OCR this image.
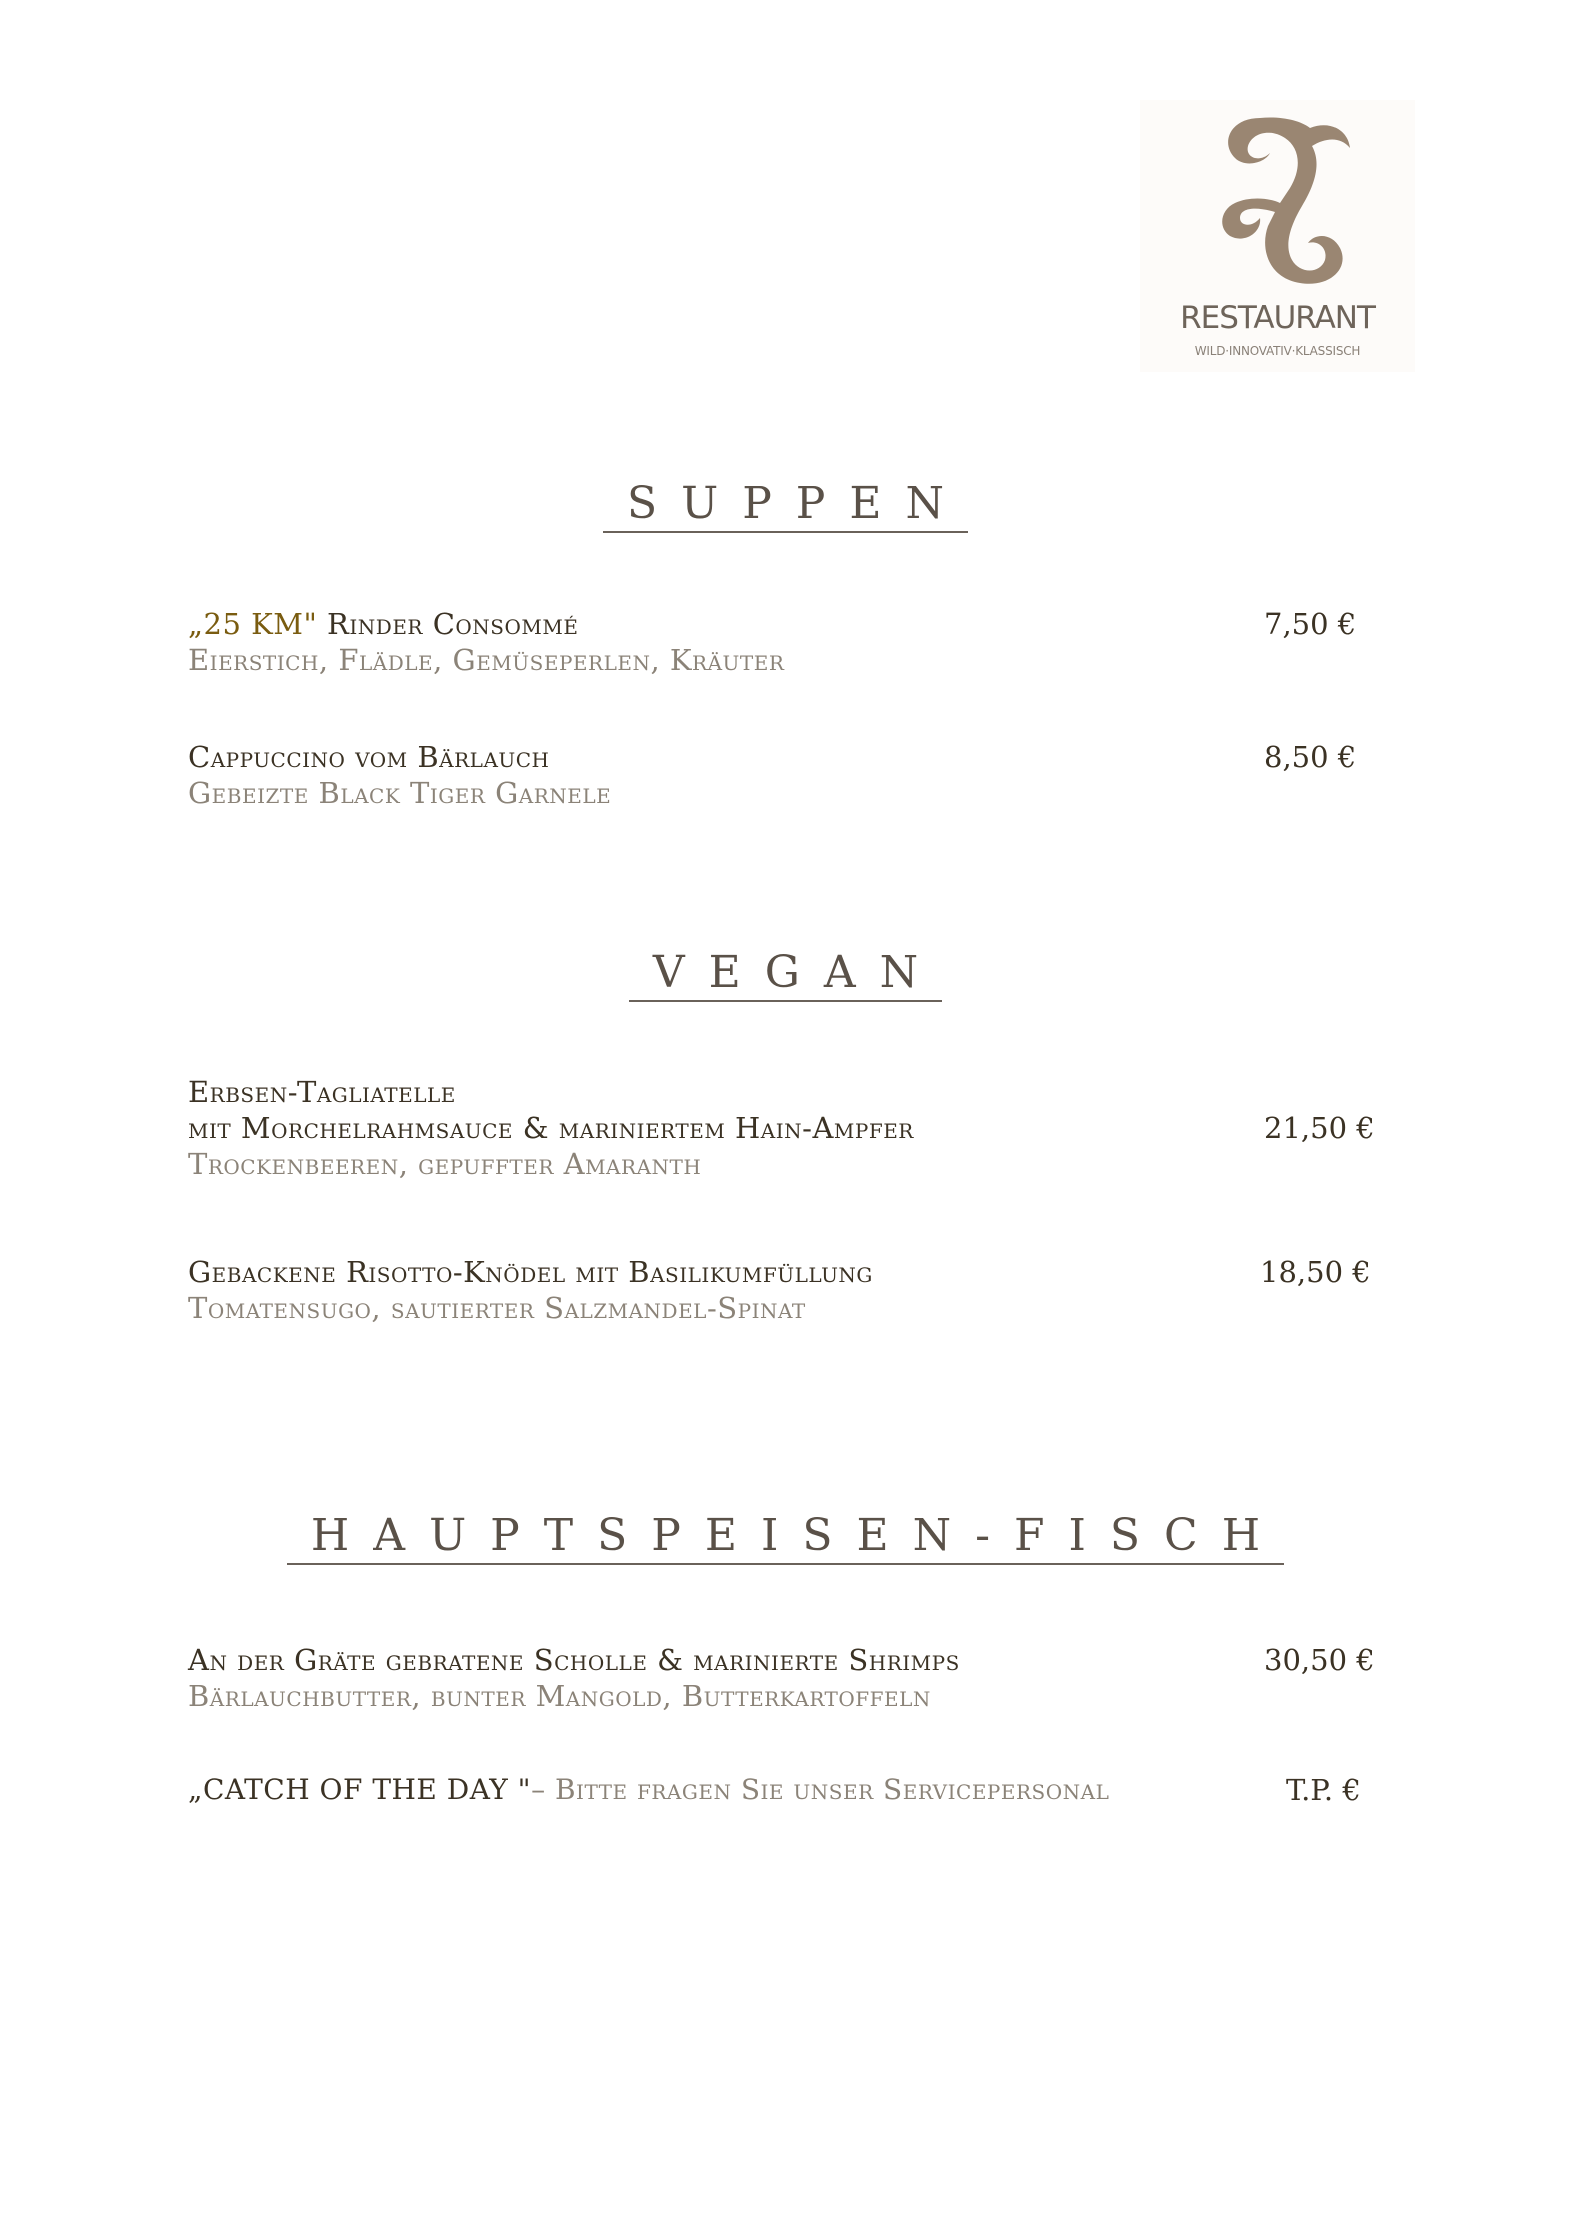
RESTAURANT
WILD·INNOVATIV·KLASSISCH
SUPPEN
„25 KM" Rinder Consommé
Eierstich, Flädle, Gemüseperlen, Kräuter
7,50 €
Cappuccino vom Bärlauch
Gebeizte Black Tiger Garnele
8,50 €
VEGAN
Erbsen-Tagliatelle
mit Morchelrahmsauce & mariniertem Hain-Ampfer
Trockenbeeren, gepuffter Amaranth
21,50 €
Gebackene Risotto-Knödel mit Basilikumfüllung
Tomatensugo, sautierter Salzmandel-Spinat
18,50 €
HAUPTSPEISEN-FISCH
An der Gräte gebratene Scholle & marinierte Shrimps
Bärlauchbutter, bunter Mangold, Butterkartoffeln
30,50 €
„CATCH OF THE DAY "– Bitte fragen Sie unser Servicepersonal	T.P. €
